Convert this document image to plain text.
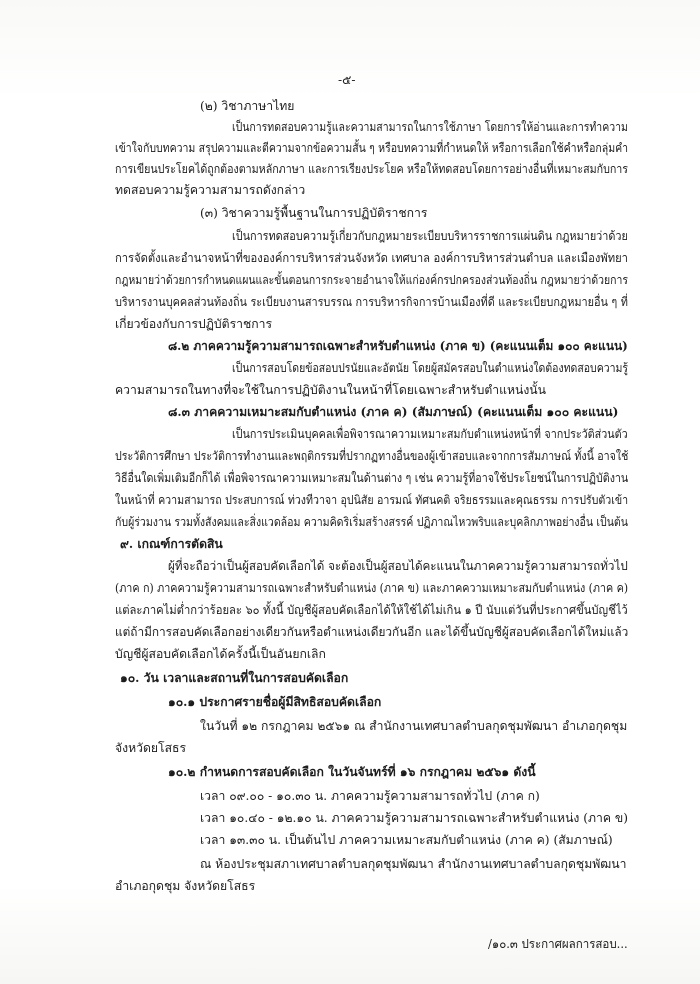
-๕-
(๒) วิชาภาษาไทย
เป็นการทดสอบความรู้และความสามารถในการใช้ภาษา โดยการให้อ่านและการทำความ
เข้าใจกับบทความ สรุปความและตีความจากข้อความสั้น ๆ หรือบทความที่กำหนดให้ หรือการเลือกใช้คำหรือกลุ่มคำ
การเขียนประโยคได้ถูกต้องตามหลักภาษา และการเรียงประโยค หรือให้ทดสอบโดยการอย่างอื่นที่เหมาะสมกับการ
ทดสอบความรู้ความสามารถดังกล่าว
(๓) วิชาความรู้พื้นฐานในการปฏิบัติราชการ
เป็นการทดสอบความรู้เกี่ยวกับกฎหมายระเบียบบริหารราชการแผ่นดิน กฎหมายว่าด้วย
การจัดตั้งและอำนาจหน้าที่ขององค์การบริหารส่วนจังหวัด เทศบาล องค์การบริหารส่วนตำบล และเมืองพัทยา
กฎหมายว่าด้วยการกำหนดแผนและขั้นตอนการกระจายอำนาจให้แก่องค์กรปกครองส่วนท้องถิ่น กฎหมายว่าด้วยการ
บริหารงานบุคคลส่วนท้องถิ่น ระเบียบงานสารบรรณ การบริหารกิจการบ้านเมืองที่ดี และระเบียบกฎหมายอื่น ๆ ที่
เกี่ยวข้องกับการปฏิบัติราชการ
๘.๒ ภาคความรู้ความสามารถเฉพาะสำหรับตำแหน่ง (ภาค ข) (คะแนนเต็ม ๑๐๐ คะแนน)
เป็นการสอบโดยข้อสอบปรนัยและอัตนัย โดยผู้สมัครสอบในตำแหน่งใดต้องทดสอบความรู้
ความสามารถในทางที่จะใช้ในการปฏิบัติงานในหน้าที่โดยเฉพาะสำหรับตำแหน่งนั้น
๘.๓ ภาคความเหมาะสมกับตำแหน่ง (ภาค ค) (สัมภาษณ์) (คะแนนเต็ม ๑๐๐ คะแนน)
เป็นการประเมินบุคคลเพื่อพิจารณาความเหมาะสมกับตำแหน่งหน้าที่ จากประวัติส่วนตัว
ประวัติการศึกษา ประวัติการทำงานและพฤติกรรมที่ปรากฏทางอื่นของผู้เข้าสอบและจากการสัมภาษณ์ ทั้งนี้ อาจใช้
วิธีอื่นใดเพิ่มเติมอีกก็ได้ เพื่อพิจารณาความเหมาะสมในด้านต่าง ๆ เช่น ความรู้ที่อาจใช้ประโยชน์ในการปฏิบัติงาน
ในหน้าที่ ความสามารถ ประสบการณ์ ท่วงทีวาจา อุปนิสัย อารมณ์ ทัศนคติ จริยธรรมและคุณธรรม การปรับตัวเข้า
กับผู้ร่วมงาน รวมทั้งสังคมและสิ่งแวดล้อม ความคิดริเริ่มสร้างสรรค์ ปฏิภาณไหวพริบและบุคลิกภาพอย่างอื่น เป็นต้น
๙. เกณฑ์การตัดสิน
ผู้ที่จะถือว่าเป็นผู้สอบคัดเลือกได้ จะต้องเป็นผู้สอบได้คะแนนในภาคความรู้ความสามารถทั่วไป
(ภาค ก) ภาคความรู้ความสามารถเฉพาะสำหรับตำแหน่ง (ภาค ข) และภาคความเหมาะสมกับตำแหน่ง (ภาค ค)
แต่ละภาคไม่ต่ำกว่าร้อยละ ๖๐ ทั้งนี้ บัญชีผู้สอบคัดเลือกได้ให้ใช้ได้ไม่เกิน ๑ ปี นับแต่วันที่ประกาศขึ้นบัญชีไว้
แต่ถ้ามีการสอบคัดเลือกอย่างเดียวกันหรือตำแหน่งเดียวกันอีก และได้ขึ้นบัญชีผู้สอบคัดเลือกได้ใหม่แล้ว
บัญชีผู้สอบคัดเลือกได้ครั้งนี้เป็นอันยกเลิก
๑๐. วัน เวลาและสถานที่ในการสอบคัดเลือก
๑๐.๑ ประกาศรายชื่อผู้มีสิทธิสอบคัดเลือก
ในวันที่ ๑๒ กรกฎาคม ๒๕๖๑ ณ สำนักงานเทศบาลตำบลกุดชุมพัฒนา อำเภอกุดชุม
จังหวัดยโสธร
๑๐.๒ กำหนดการสอบคัดเลือก ในวันจันทร์ที่ ๑๖ กรกฎาคม ๒๕๖๑ ดังนี้
เวลา ๐๙.๐๐ - ๑๐.๓๐ น. ภาคความรู้ความสามารถทั่วไป (ภาค ก)
เวลา ๑๐.๔๐ - ๑๒.๑๐ น. ภาคความรู้ความสามารถเฉพาะสำหรับตำแหน่ง (ภาค ข)
เวลา ๑๓.๓๐ น. เป็นต้นไป ภาคความเหมาะสมกับตำแหน่ง (ภาค ค) (สัมภาษณ์)
ณ ห้องประชุมสภาเทศบาลตำบลกุดชุมพัฒนา สำนักงานเทศบาลตำบลกุดชุมพัฒนา
อำเภอกุดชุม จังหวัดยโสธร
/๑๐.๓ ประกาศผลการสอบ...
